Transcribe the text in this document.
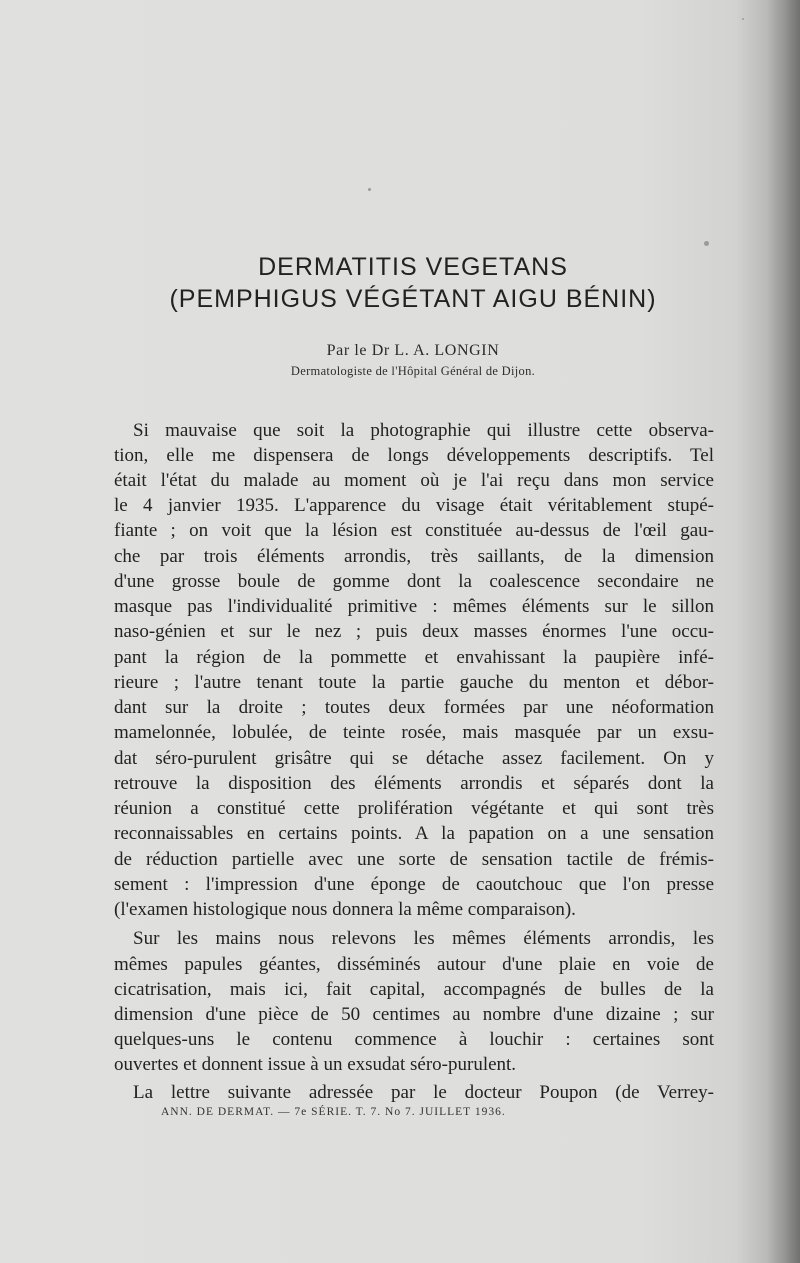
DERMATITIS VEGETANS
(PEMPHIGUS VÉGÉTANT AIGU BÉNIN)
Par le Dr L. A. LONGIN
Dermatologiste de l'Hôpital Général de Dijon.
Si mauvaise que soit la photographie qui illustre cette observa-
tion, elle me dispensera de longs développements descriptifs. Tel
était l'état du malade au moment où je l'ai reçu dans mon service
le 4 janvier 1935. L'apparence du visage était véritablement stupé-
fiante ; on voit que la lésion est constituée au-dessus de l'œil gau-
che par trois éléments arrondis, très saillants, de la dimension
d'une grosse boule de gomme dont la coalescence secondaire ne
masque pas l'individualité primitive : mêmes éléments sur le sillon
naso-génien et sur le nez ; puis deux masses énormes l'une occu-
pant la région de la pommette et envahissant la paupière infé-
rieure ; l'autre tenant toute la partie gauche du menton et débor-
dant sur la droite ; toutes deux formées par une néoformation
mamelonnée, lobulée, de teinte rosée, mais masquée par un exsu-
dat séro-purulent grisâtre qui se détache assez facilement. On y
retrouve la disposition des éléments arrondis et séparés dont la
réunion a constitué cette prolifération végétante et qui sont très
reconnaissables en certains points. A la papation on a une sensation
de réduction partielle avec une sorte de sensation tactile de frémis-
sement : l'impression d'une éponge de caoutchouc que l'on presse
(l'examen histologique nous donnera la même comparaison).
Sur les mains nous relevons les mêmes éléments arrondis, les
mêmes papules géantes, disséminés autour d'une plaie en voie de
cicatrisation, mais ici, fait capital, accompagnés de bulles de la
dimension d'une pièce de 50 centimes au nombre d'une dizaine ; sur
quelques-uns le contenu commence à louchir : certaines sont
ouvertes et donnent issue à un exsudat séro-purulent.
La lettre suivante adressée par le docteur Poupon (de Verrey-
ANN. DE DERMAT. — 7e SÉRIE. T. 7. No 7. JUILLET 1936.
